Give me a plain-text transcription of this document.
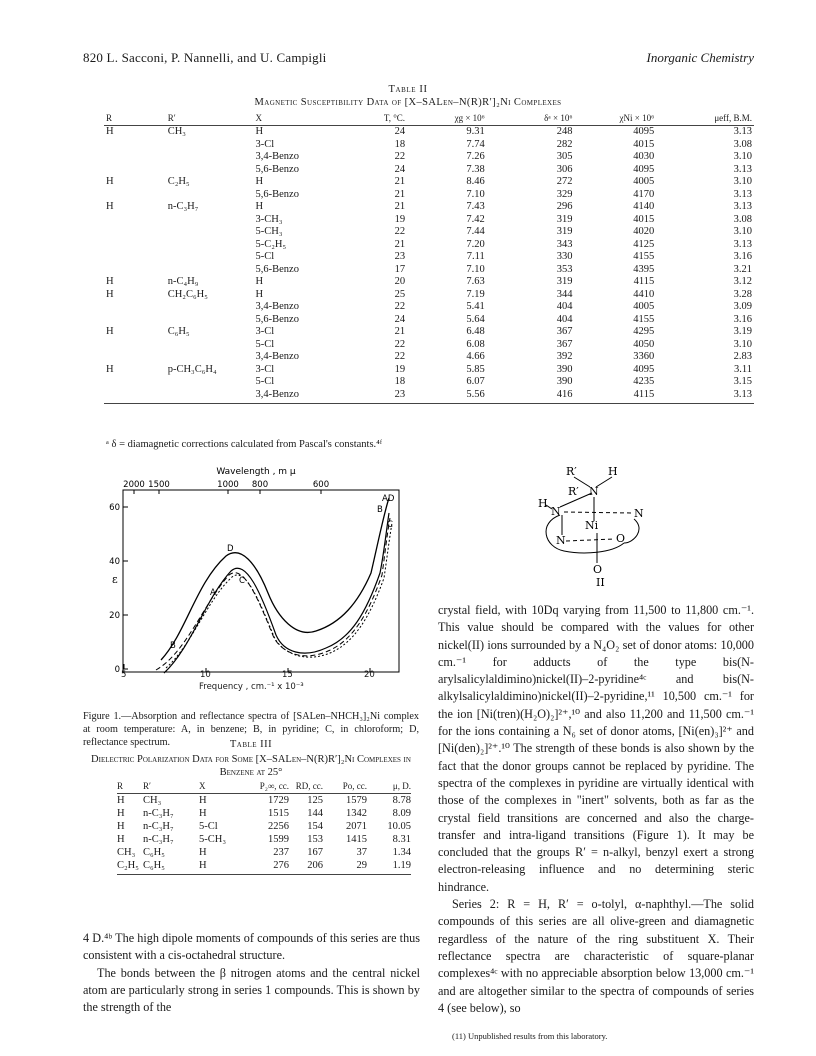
820 L. Sacconi, P. Nannelli, and U. Campigli	Inorganic Chemistry
Table II
Magnetic Susceptibility Data of [X–SALen–N(R)R′]₂Ni Complexes
R	R′	X	T, °C.	χg × 10⁶	δᵃ × 10⁶	χNi × 10⁶	μeff, B.M.

H	CH₃	H	24	9.31	248	4095	3.13
		3-Cl	18	7.74	282	4015	3.08
		3,4-Benzo	22	7.26	305	4030	3.10
		5,6-Benzo	24	7.38	306	4095	3.13
H	C₂H₅	H	21	8.46	272	4005	3.10
		5,6-Benzo	21	7.10	329	4170	3.13
H	n-C₃H₇	H	21	7.43	296	4140	3.13
		3-CH₃	19	7.42	319	4015	3.08
		5-CH₃	22	7.44	319	4020	3.10
		5-C₂H₅	21	7.20	343	4125	3.13
		5-Cl	23	7.11	330	4155	3.16
		5,6-Benzo	17	7.10	353	4395	3.21
H	n-C₄H₉	H	20	7.63	319	4115	3.12
H	CH₂C₆H₅	H	25	7.19	344	4410	3.28
		3,4-Benzo	22	5.41	404	4005	3.09
		5,6-Benzo	24	5.64	404	4155	3.16
H	C₆H₅	3-Cl	21	6.48	367	4295	3.19
		5-Cl	22	6.08	367	4050	3.10
		3,4-Benzo	22	4.66	392	3360	2.83
H	p-CH₃C₆H₄	3-Cl	19	5.85	390	4095	3.11
		5-Cl	18	6.07	390	4235	3.15
		3,4-Benzo	23	5.56	416	4115	3.13
ᵃ δ = diamagnetic corrections calculated from Pascal's constants.⁴ᶠ
Wavelength , m μ
2000 1500	1000 800	600
60
40
20
0
ε
D
A
C
B
AD
B
C
5	10	15	20
Frequency , cm.⁻¹ x 10⁻³
Figure 1.—Absorption and reflectance spectra of [SALen–NHCH₃]₂Ni complex at room temperature: A, in benzene; B, in pyridine; C, in chloroform; D, reflectance spectrum.
R′	H
R′ N
H
N
N
Ni
N
O
O
II
Table III
Dielectric Polarization Data for Some [X–SALen–N(R)R′]₂Ni Complexes in Benzene at 25°
R	R′	X	P₂∞, cc.	RD, cc.	Po, cc.	μ, D.

H	CH₃	H	1729	125	1579	8.78
H	n-C₃H₇	H	1515	144	1342	8.09
H	n-C₃H₇	5-Cl	2256	154	2071	10.05
H	n-C₃H₇	5-CH₃	1599	153	1415	8.31
CH₃	C₆H₅	H	237	167	37	1.34
C₂H₅	C₆H₅	H	276	206	29	1.19

4 D.⁴ᵇ The high dipole moments of compounds of this series are thus consistent with a cis-octahedral structure.

The bonds between the β nitrogen atoms and the central nickel atom are particularly strong in series 1 compounds. This is shown by the strength of the

crystal field, with 10Dq varying from 11,500 to 11,800 cm.⁻¹. This value should be compared with the values for other nickel(II) ions surrounded by a N₄O₂ set of donor atoms: 10,000 cm.⁻¹ for adducts of the type bis(N-arylsalicylaldimino)nickel(II)–2-pyridine⁴ᶜ and bis(N-alkylsalicylaldimino)nickel(II)–2-pyridine,¹¹ 10,500 cm.⁻¹ for the ion [Ni(tren)(H₂O)₂]²⁺,¹⁰ and also 11,200 and 11,500 cm.⁻¹ for the ions containing a N₆ set of donor atoms, [Ni(en)₃]²⁺ and [Ni(den)₂]²⁺.¹⁰ The strength of these bonds is also shown by the fact that the donor groups cannot be replaced by pyridine. The spectra of the complexes in pyridine are virtually identical with those of the complexes in "inert" solvents, both as far as the crystal field transitions are concerned and also the charge-transfer and intra-ligand transitions (Figure 1). It may be concluded that the groups R′ = n-alkyl, benzyl exert a strong electron-releasing influence and no determining steric hindrance.

Series 2: R = H, R′ = o-tolyl, α-naphthyl.—The solid compounds of this series are all olive-green and diamagnetic regardless of the nature of the ring substituent X. Their reflectance spectra are characteristic of square-planar complexes⁴ᶜ with no appreciable absorption below 13,000 cm.⁻¹ and are altogether similar to the spectra of compounds of series 4 (see below), so

(11) Unpublished results from this laboratory.
